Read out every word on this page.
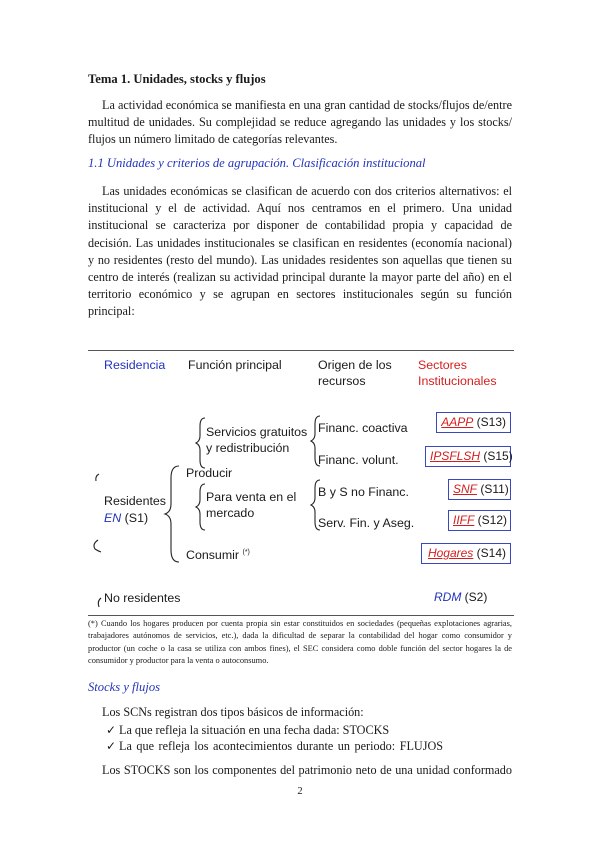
Tema 1. Unidades, stocks y flujos

La actividad económica se manifiesta en una gran cantidad de stocks/flujos de/entre multitud de unidades. Su complejidad se reduce agregando las unidades y los stocks/ flujos un número limitado de categorías relevantes.

1.1 Unidades y criterios de agrupación. Clasificación institucional

Las unidades económicas se clasifican de acuerdo con dos criterios alternativos: el institucional y el de actividad. Aquí nos centramos en el primero. Una unidad institucional se caracteriza por disponer de contabilidad propia y capacidad de decisión. Las unidades institucionales se clasifican en residentes (economía nacional) y no residentes (resto del mundo). Las unidades residentes son aquellas que tienen su centro de interés (realizan su actividad principal durante la mayor parte del año) en el territorio económico y se agrupan en sectores institucionales según su función principal:

Residencia Función principal	Origen de los
recursos
Sectores
Institucionales
Residentes
EN (S1)
No residentes
Producir
Consumir (*)
Servicios gratuitos
y redistribución
Para venta en el
mercado
Financ. coactiva
Financ. volunt.
B y S no Financ.
Serv. Fin. y Aseg.
AAPP (S13)
IPSFLSH (S15)
SNF (S11)
IIFF (S12)
Hogares (S14)
RDM (S2)
(*) Cuando los hogares producen por cuenta propia sin estar constituidos en sociedades (pequeñas explotaciones agrarias, trabajadores autónomos de servicios, etc.), dada la dificultad de separar la contabilidad del hogar como consumidor y productor (un coche o la casa se utiliza con ambos fines), el SEC considera como doble función del sector hogares la de consumidor y productor para la venta o autoconsumo.
Stocks y flujos

Los SCNs registran dos tipos básicos de información:

✓ La que refleja la situación en una fecha dada: STOCKS
✓ La que refleja los acontecimientos durante un periodo: FLUJOS

Los STOCKS son los componentes del patrimonio neto de una unidad conformado

2
